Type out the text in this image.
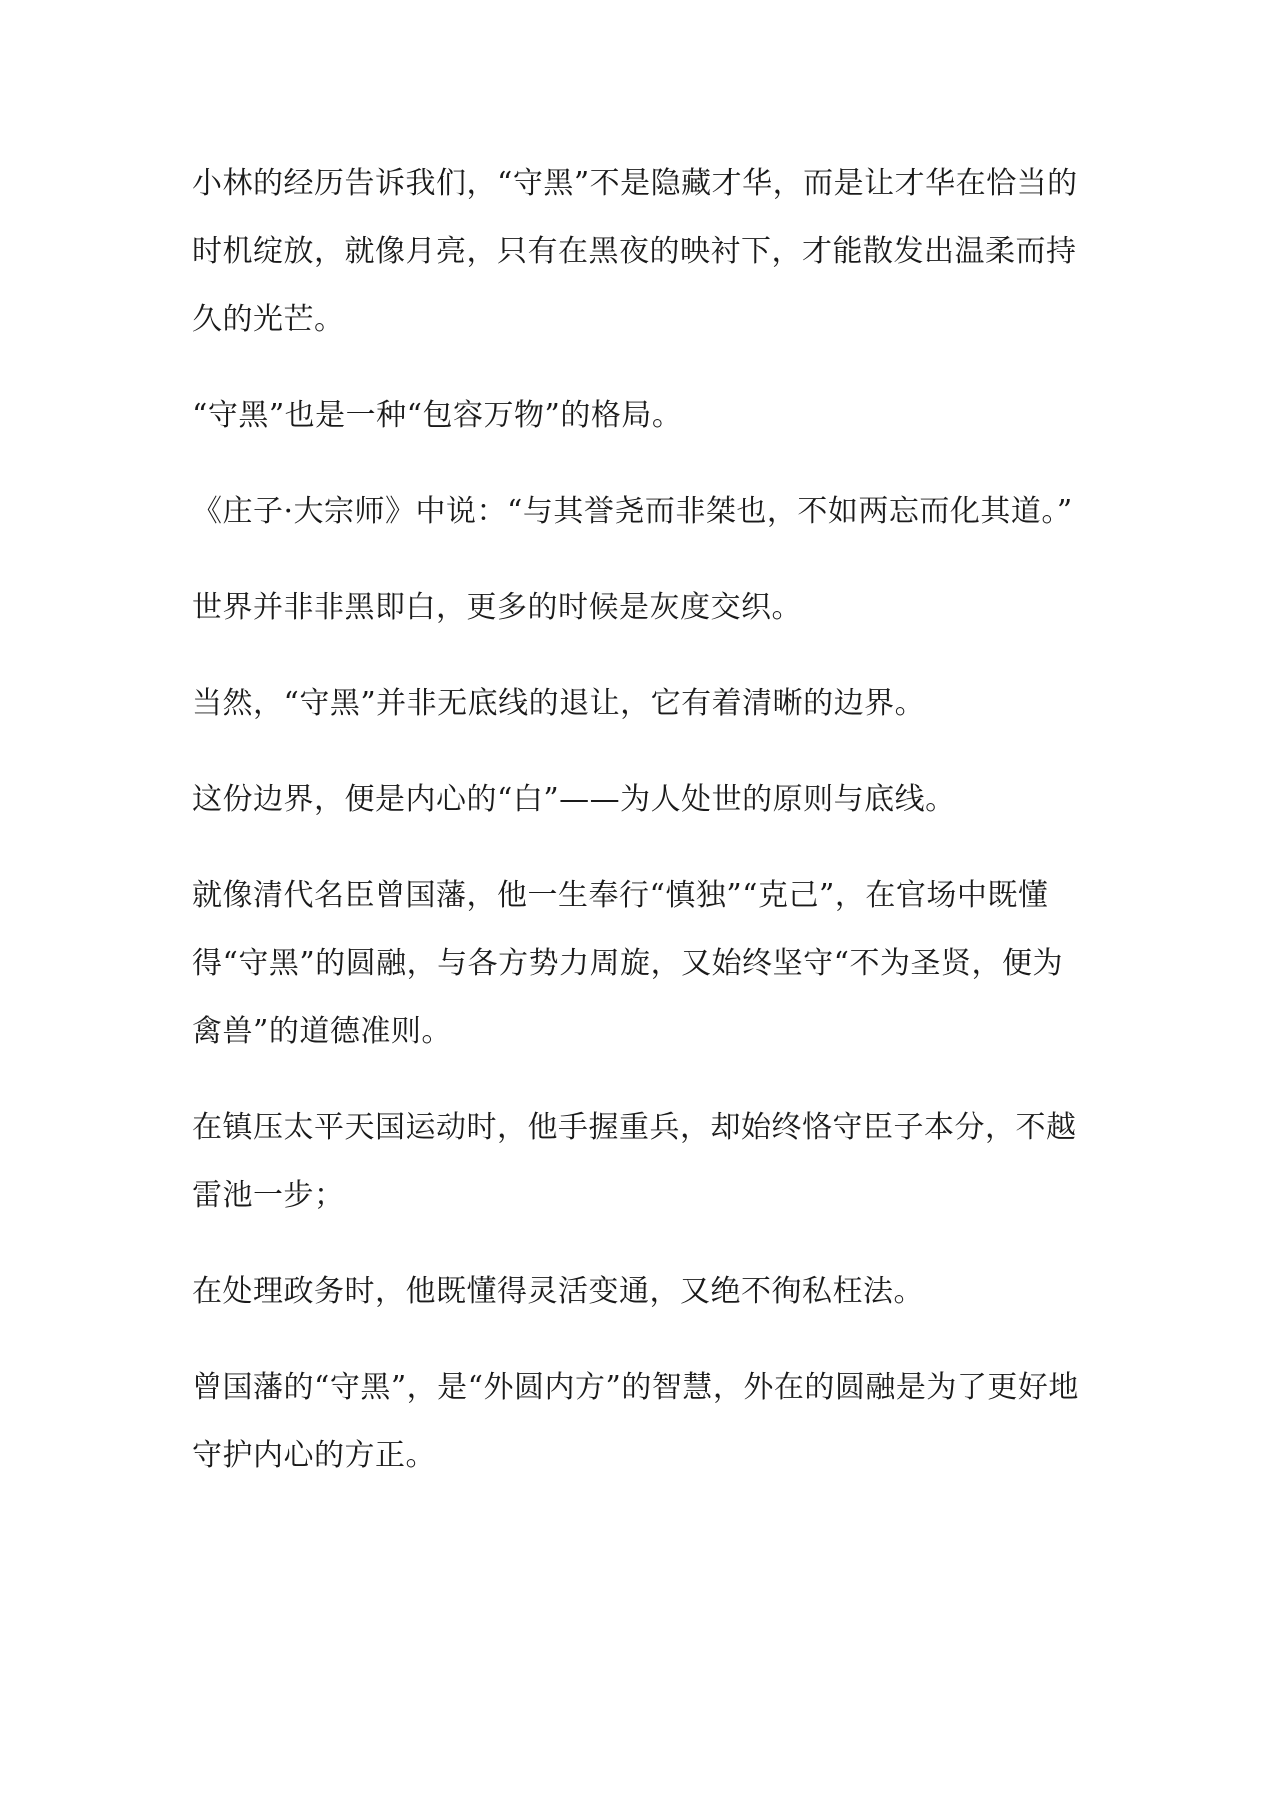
小林的经历告诉我们，“守黑”不是隐藏才华，而是让才华在恰当的时机绽放，就像月亮，只有在黑夜的映衬下，才能散发出温柔而持久的光芒。

“守黑”也是一种“包容万物”的格局。

《庄子·大宗师》中说：“与其誉尧而非桀也，不如两忘而化其道。”

世界并非非黑即白，更多的时候是灰度交织。

当然，“守黑”并非无底线的退让，它有着清晰的边界。

这份边界，便是内心的“白”——为人处世的原则与底线。

就像清代名臣曾国藩，他一生奉行“慎独”“克己”，在官场中既懂得“守黑”的圆融，与各方势力周旋，又始终坚守“不为圣贤，便为禽兽”的道德准则。

在镇压太平天国运动时，他手握重兵，却始终恪守臣子本分，不越雷池一步；

在处理政务时，他既懂得灵活变通，又绝不徇私枉法。

曾国藩的“守黑”，是“外圆内方”的智慧，外在的圆融是为了更好地守护内心的方正。
